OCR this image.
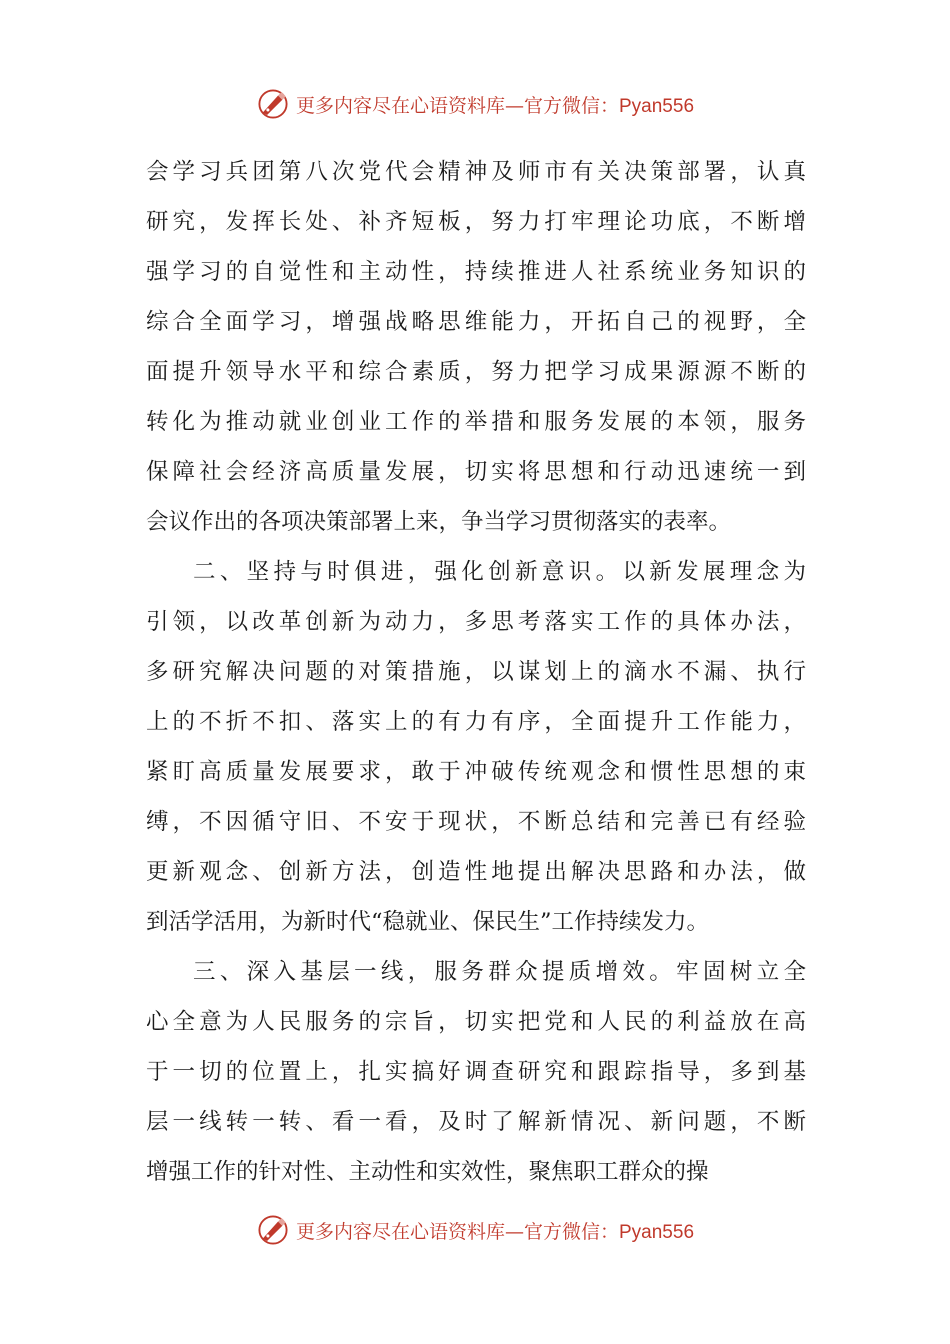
更多内容尽在心语资料库—官方微信：Pyan556
会学习兵团第八次党代会精神及师市有关决策部署，认真
研究，发挥长处、补齐短板，努力打牢理论功底，不断增
强学习的自觉性和主动性，持续推进人社系统业务知识的
综合全面学习，增强战略思维能力，开拓自己的视野，全
面提升领导水平和综合素质，努力把学习成果源源不断的
转化为推动就业创业工作的举措和服务发展的本领，服务
保障社会经济高质量发展，切实将思想和行动迅速统一到
会议作出的各项决策部署上来，争当学习贯彻落实的表率。
二、坚持与时俱进，强化创新意识。以新发展理念为
引领，以改革创新为动力，多思考落实工作的具体办法，
多研究解决问题的对策措施，以谋划上的滴水不漏、执行
上的不折不扣、落实上的有力有序，全面提升工作能力，
紧盯高质量发展要求，敢于冲破传统观念和惯性思想的束
缚，不因循守旧、不安于现状，不断总结和完善已有经验
更新观念、创新方法，创造性地提出解决思路和办法，做
到活学活用，为新时代“稳就业、保民生”工作持续发力。
三、深入基层一线，服务群众提质增效。牢固树立全
心全意为人民服务的宗旨，切实把党和人民的利益放在高
于一切的位置上，扎实搞好调查研究和跟踪指导，多到基
层一线转一转、看一看，及时了解新情况、新问题，不断
增强工作的针对性、主动性和实效性，聚焦职工群众的操
更多内容尽在心语资料库—官方微信：Pyan556
